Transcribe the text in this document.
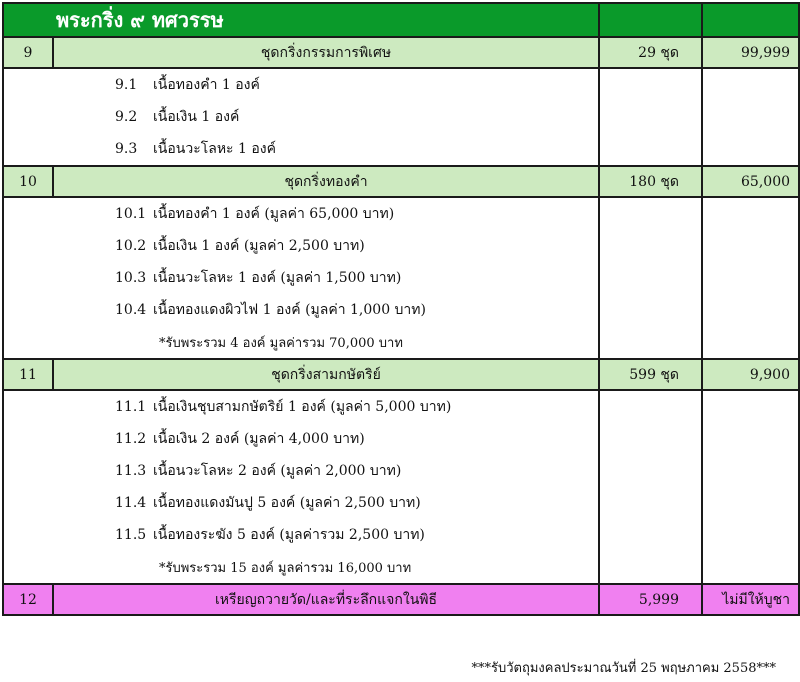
พระกริ่ง ๙ ทศวรรษ			
9	ชุดกริ่งกรรมการพิเศษ	29 ชุด	99,999
	9.1 เนื้อทองคำ 1 องค์		
	9.2 เนื้อเงิน 1 องค์		
	9.3 เนื้อนวะโลหะ 1 องค์		
10	ชุดกริ่งทองคำ	180 ชุด	65,000
	10.1 เนื้อทองคำ 1 องค์ (มูลค่า 65,000 บาท)		
	10.2 เนื้อเงิน 1 องค์ (มูลค่า 2,500 บาท)		
	10.3 เนื้อนวะโลหะ 1 องค์ (มูลค่า 1,500 บาท)		
	10.4 เนื้อทองแดงผิวไฟ 1 องค์ (มูลค่า 1,000 บาท)		
	*รับพระรวม 4 องค์ มูลค่ารวม 70,000 บาท		
11	ชุดกริ่งสามกษัตริย์	599 ชุด	9,900
	11.1 เนื้อเงินชุบสามกษัตริย์ 1 องค์ (มูลค่า 5,000 บาท)		
	11.2 เนื้อเงิน 2 องค์ (มูลค่า 4,000 บาท)		
	11.3 เนื้อนวะโลหะ 2 องค์ (มูลค่า 2,000 บาท)		
	11.4 เนื้อทองแดงมันปู 5 องค์ (มูลค่า 2,500 บาท)		
	11.5 เนื้อทองระฆัง 5 องค์ (มูลค่ารวม 2,500 บาท)		
	*รับพระรวม 15 องค์ มูลค่ารวม 16,000 บาท		
12	เหรียญถวายวัด/และที่ระลึกแจกในพิธี	5,999	ไม่มีให้บูชา
***รับวัตถุมงคลประมาณวันที่ 25 พฤษภาคม 2558***
